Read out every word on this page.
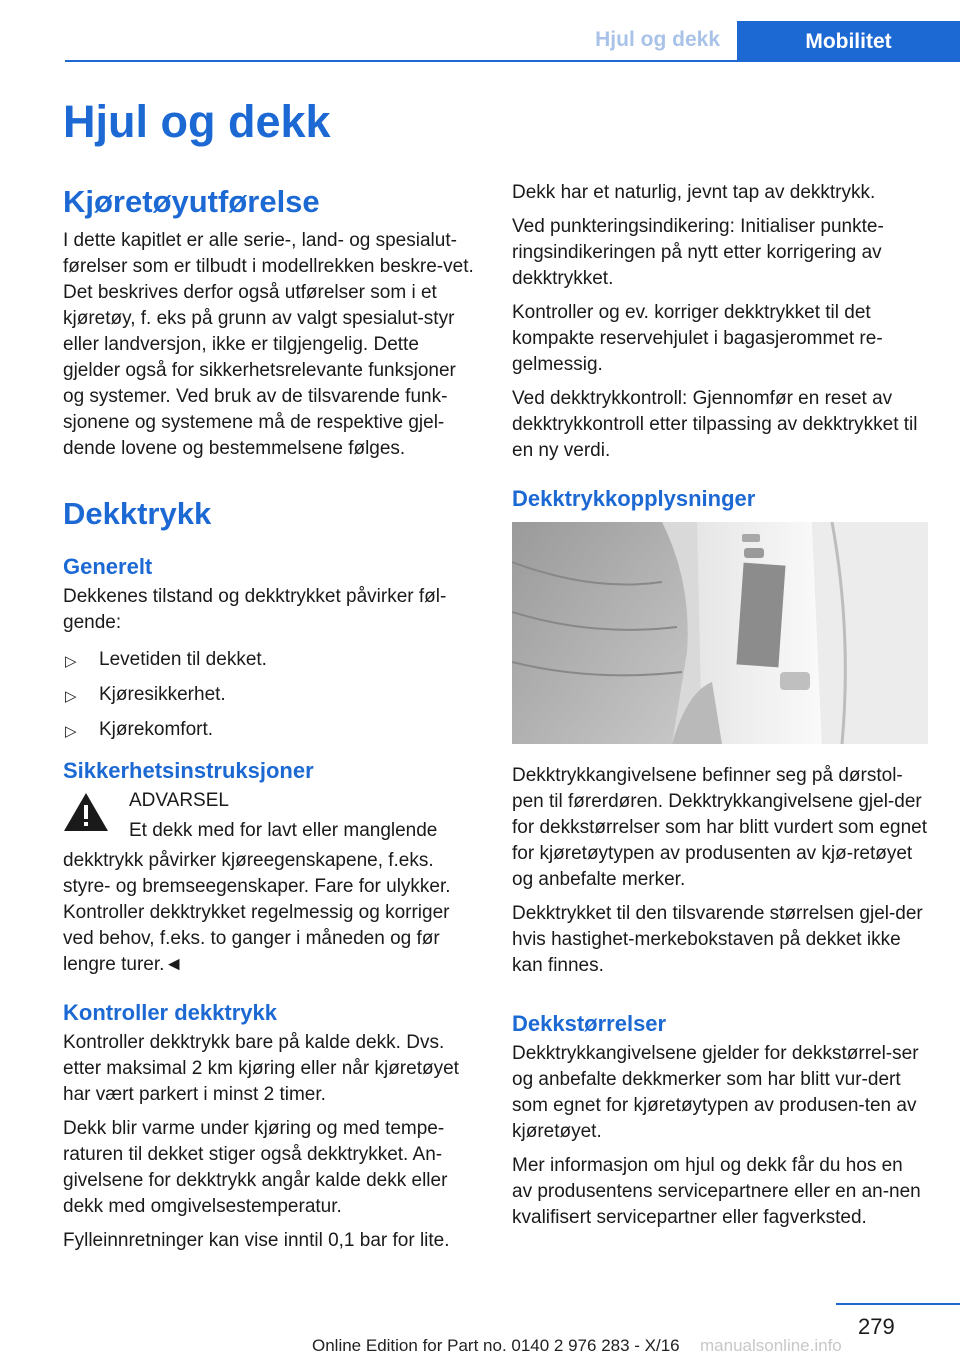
Hjul og dekk	Mobilitet
Hjul og dekk
Kjøretøyutførelse

I dette kapitlet er alle serie-, land- og spesialut-førelser som er tilbudt i modellrekken beskre-vet. Det beskrives derfor også utførelser som i et kjøretøy, f. eks på grunn av valgt spesialut-styr eller landversjon, ikke er tilgjengelig. Dette gjelder også for sikkerhetsrelevante funksjoner og systemer. Ved bruk av de tilsvarende funk-sjonene og systemene må de respektive gjel-dende lovene og bestemmelsene følges.

Dekktrykk
Generelt

Dekkenes tilstand og dekktrykket påvirker føl-gende:

▷ Levetiden til dekket.
▷ Kjøresikkerhet.
▷ Kjørekomfort.
Sikkerhetsinstruksjoner

ADVARSEL

Et dekk med for lavt eller manglende

dekktrykk påvirker kjøreegenskapene, f.eks. styre- og bremseegenskaper. Fare for ulykker. Kontroller dekktrykket regelmessig og korriger ved behov, f.eks. to ganger i måneden og før lengre turer.◄

Kontroller dekktrykk

Kontroller dekktrykk bare på kalde dekk. Dvs. etter maksimal 2 km kjøring eller når kjøretøyet har vært parkert i minst 2 timer.

Dekk blir varme under kjøring og med tempe-raturen til dekket stiger også dekktrykket. An-givelsene for dekktrykk angår kalde dekk eller dekk med omgivelsestemperatur.

Fylleinnretninger kan vise inntil 0,1 bar for lite.

Dekk har et naturlig, jevnt tap av dekktrykk.

Ved punkteringsindikering: Initialiser punkte-ringsindikeringen på nytt etter korrigering av dekktrykket.

Kontroller og ev. korriger dekktrykket til det kompakte reservehjulet i bagasjerommet re-gelmessig.

Ved dekktrykkontroll: Gjennomfør en reset av dekktrykkontroll etter tilpassing av dekktrykket til en ny verdi.

Dekktrykkopplysninger

Dekktrykkangivelsene befinner seg på dørstol-pen til førerdøren. Dekktrykkangivelsene gjel-der for dekkstørrelser som har blitt vurdert som egnet for kjøretøytypen av produsenten av kjø-retøyet og anbefalte merker.

Dekktrykket til den tilsvarende størrelsen gjel-der hvis hastighet-merkebokstaven på dekket ikke kan finnes.

Dekkstørrelser

Dekktrykkangivelsene gjelder for dekkstørrel-ser og anbefalte dekkmerker som har blitt vur-dert som egnet for kjøretøytypen av produsen-ten av kjøretøyet.

Mer informasjon om hjul og dekk får du hos en av produsentens servicepartnere eller en an-nen kvalifisert servicepartner eller fagverksted.

279
Online Edition for Part no. 0140 2 976 283 - X/16 manualsonline.info
